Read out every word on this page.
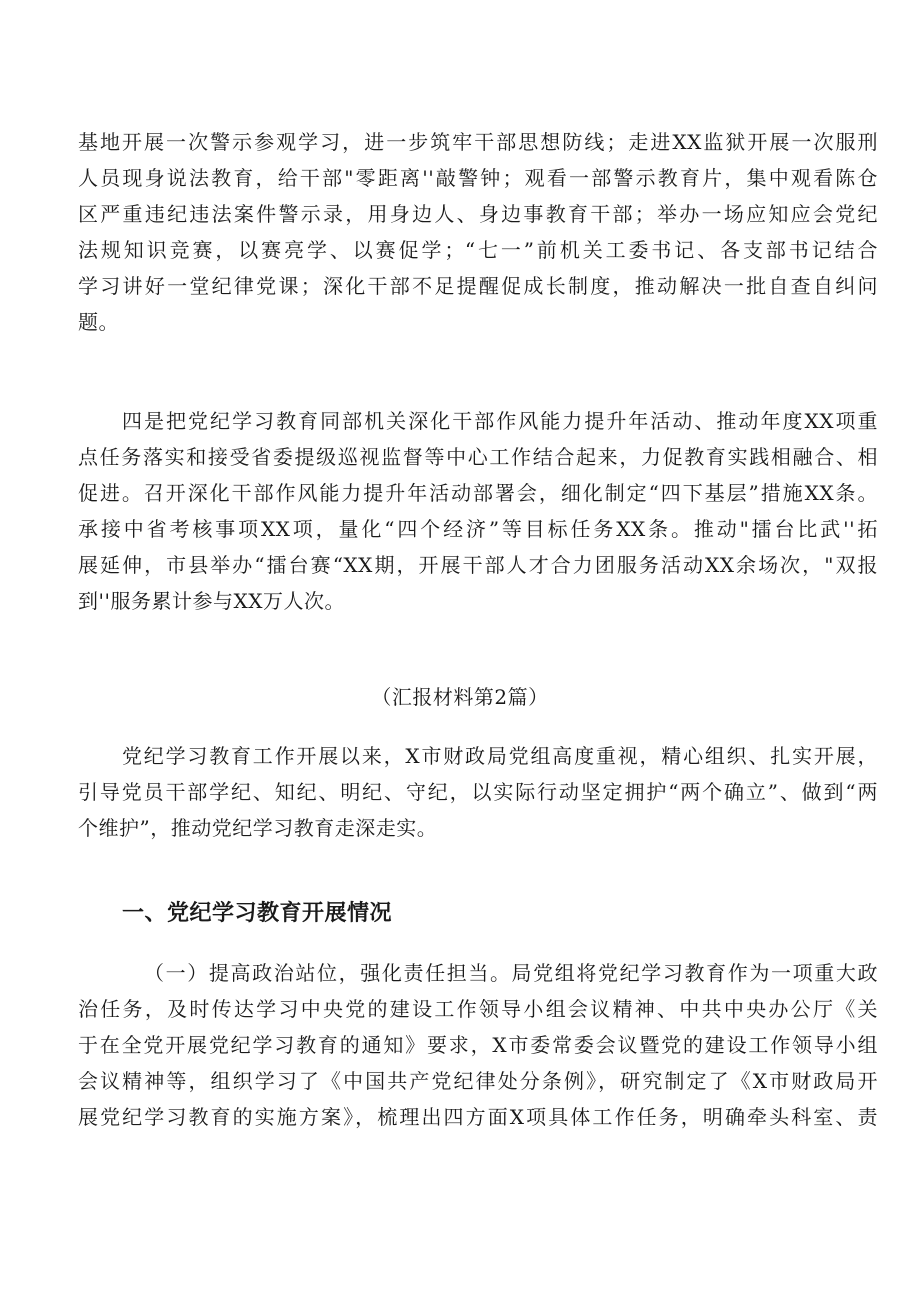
基地开展一次警示参观学习，进一步筑牢干部思想防线；走进XX监狱开展一次服刑
人员现身说法教育，给干部"零距离''敲警钟；观看一部警示教育片，集中观看陈仓
区严重违纪违法案件警示录，用身边人、身边事教育干部；举办一场应知应会党纪
法规知识竞赛，以赛亮学、以赛促学；“七一”前机关工委书记、各支部书记结合
学习讲好一堂纪律党课；深化干部不足提醒促成长制度，推动解决一批自查自纠问
题。
四是把党纪学习教育同部机关深化干部作风能力提升年活动、推动年度XX项重
点任务落实和接受省委提级巡视监督等中心工作结合起来，力促教育实践相融合、相
促进。召开深化干部作风能力提升年活动部署会，细化制定“四下基层”措施XX条。
承接中省考核事项XX项，量化“四个经济”等目标任务XX条。推动"擂台比武''拓
展延伸，市县举办“擂台赛“XX期，开展干部人才合力团服务活动XX余场次，"双报
到''服务累计参与XX万人次。

（汇报材料第2篇）

党纪学习教育工作开展以来，X市财政局党组高度重视，精心组织、扎实开展，
引导党员干部学纪、知纪、明纪、守纪，以实际行动坚定拥护“两个确立”、做到“两
个维护”，推动党纪学习教育走深走实。
一、党纪学习教育开展情况
（一）提高政治站位，强化责任担当。局党组将党纪学习教育作为一项重大政
治任务，及时传达学习中央党的建设工作领导小组会议精神、中共中央办公厅《关
于在全党开展党纪学习教育的通知》要求，X市委常委会议暨党的建设工作领导小组
会议精神等，组织学习了《中国共产党纪律处分条例》，研究制定了《X市财政局开
展党纪学习教育的实施方案》，梳理出四方面X项具体工作任务，明确牵头科室、责
